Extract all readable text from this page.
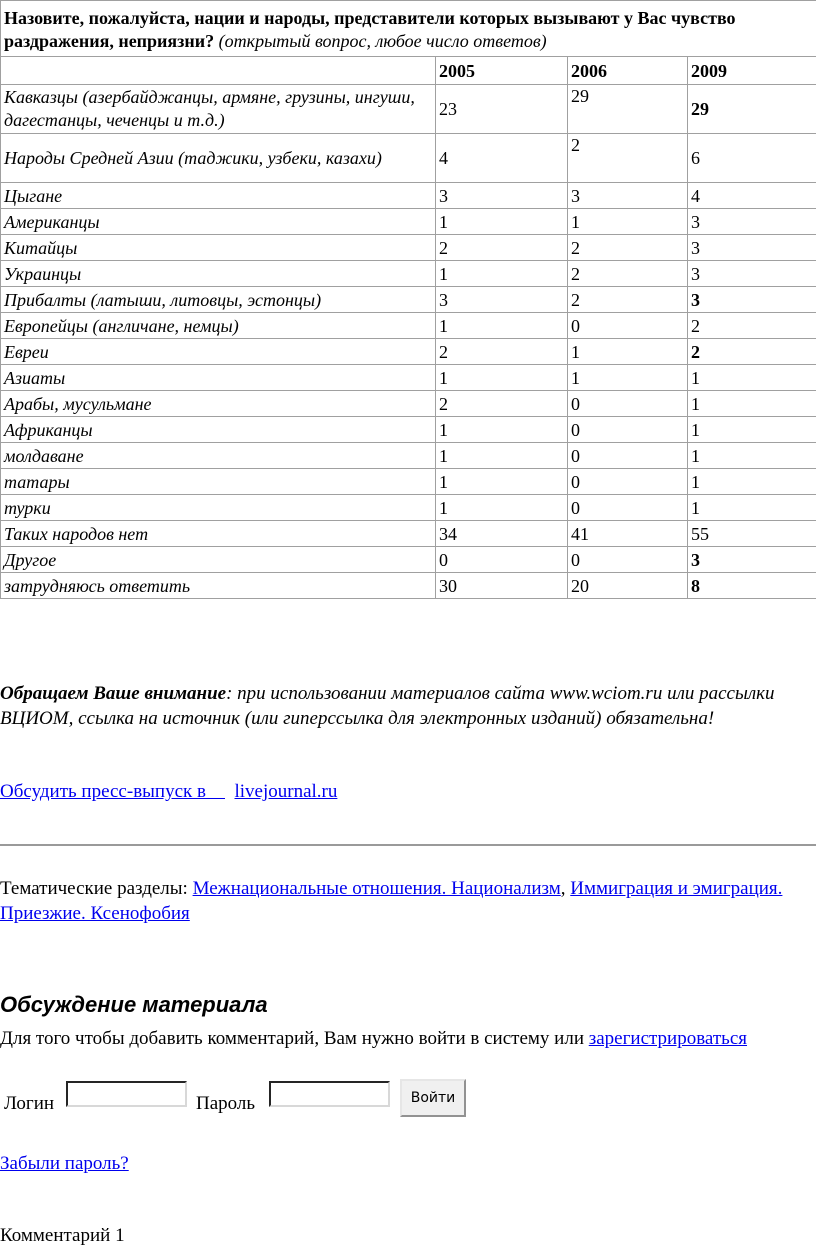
Назовите, пожалуйста, нации и народы, представители которых вызывают у Вас чувство раздражения, неприязни? (открытый вопрос, любое число ответов)			
	2005	2006	2009
Кавказцы (азербайджанцы, армяне, грузины, ингуши, дагестанцы, чеченцы и т.д.)	23	29	29
Народы Средней Азии (таджики, узбеки, казахи)	4	2	6
Цыгане	3	3	4
Американцы	1	1	3
Китайцы	2	2	3
Украинцы	1	2	3
Прибалты (латыши, литовцы, эстонцы)	3	2	3
Европейцы (англичане, немцы)	1	0	2
Евреи	2	1	2
Азиаты	1	1	1
Арабы, мусульмане	2	0	1
Африканцы	1	0	1
молдаване	1	0	1
татары	1	0	1
турки	1	0	1
Таких народов нет	34	41	55
Другое	0	0	3
затрудняюсь ответить	30	20	8
Обращаем Ваше внимание: при использовании материалов сайта www.wciom.ru или рассылки ВЦИОМ, ссылка на источник (или гиперссылка для электронных изданий) обязательна!
Обсудить пресс-выпуск в      livejournal.ru
Тематические разделы: Межнациональные отношения. Национализм, Иммиграция и эмиграция. Приезжие. Ксенофобия
Обсуждение материала
Для того чтобы добавить комментарий, Вам нужно войти в систему или зарегистрироваться
Логин	Пароль	Войти
Забыли пароль?
Комментарий 1
